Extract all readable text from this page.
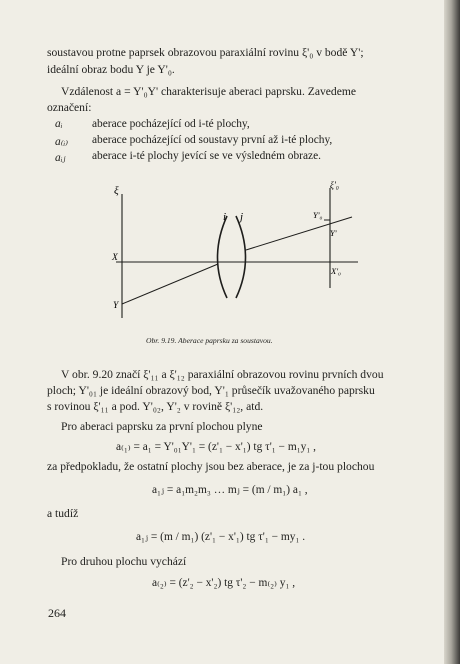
soustavou protne paprsek obrazovou paraxiální rovinu ξ'₀ v bodě Y';
ideální obraz bodu Y je Y'₀.
Vzdálenost a = Y'₀Y' charakterisuje aberaci paprsku. Zavedeme
označení:
aᵢ	aberace pocházející od i-té plochy,
a₍ᵢ₎ aberace pocházející od soustavy první až i-té plochy,
aᵢⱼ aberace i-té plochy jevící se ve výsledném obraze.
ξ	ξ'₀
X
Y
i j	Y'₀
Y'
X'₀
Obr. 9.19. Aberace paprsku za soustavou.
V obr. 9.20 značí ξ'₁₁ a ξ'₁₂ paraxiální obrazovou rovinu prvních dvou
ploch; Y'₀₁ je ideální obrazový bod, Y'₁ průsečík uvažovaného paprsku
s rovinou ξ'₁₁ a pod. Y'₀₂, Y'₂ v rovině ξ'₁₂, atd.
Pro aberaci paprsku za první plochou plyne
a₍₁₎ = a₁ = Y'₀₁Y'₁ = (z'₁ − x'₁) tg τ'₁ − m₁y₁ ,
za předpokladu, že ostatní plochy jsou bez aberace, je za j-tou plochou
a₁ⱼ = a₁m₂m₃ … mⱼ = (m / m₁) a₁ ,
a tudíž
a₁ⱼ = (m / m₁) (z'₁ − x'₁) tg τ'₁ − my₁ .
Pro druhou plochu vychází
a₍₂₎ = (z'₂ − x'₂) tg τ'₂ − m₍₂₎ y₁ ,
264
